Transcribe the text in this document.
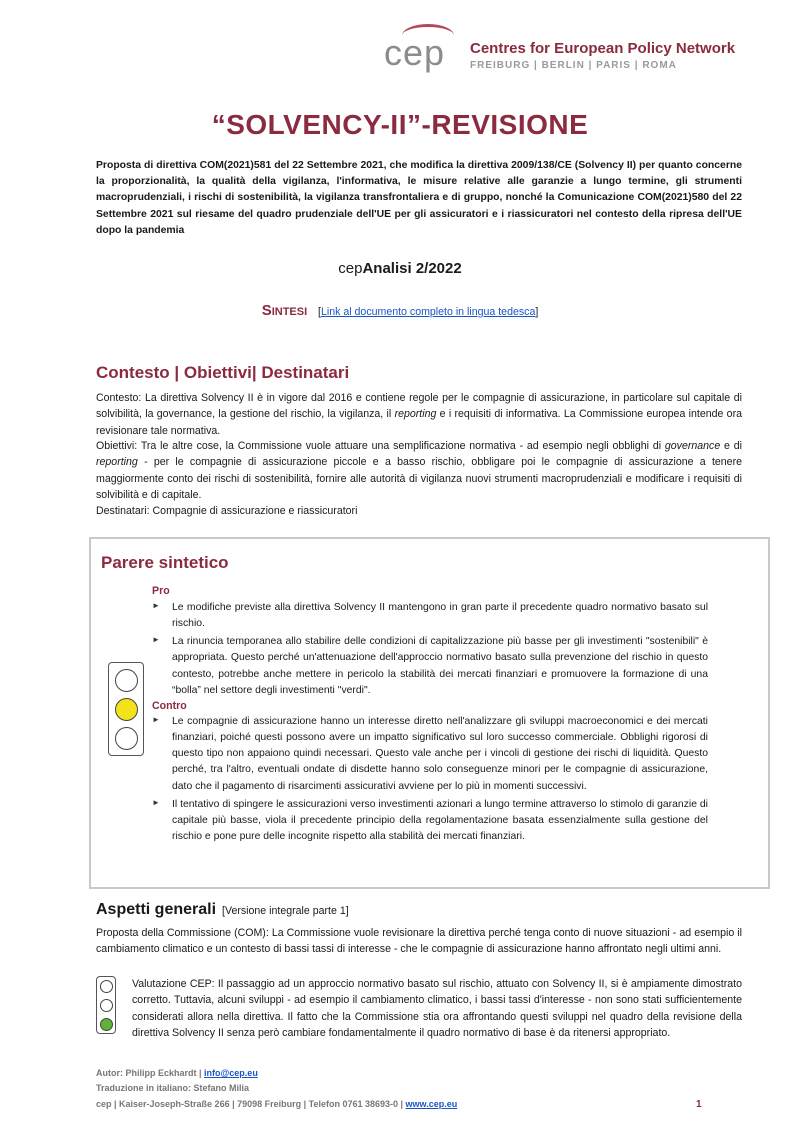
cep Centres for European Policy Network
FREIBURG | BERLIN | PARIS | ROMA
“SOLVENCY-II”-REVISIONE
Proposta di direttiva COM(2021)581 del 22 Settembre 2021, che modifica la direttiva 2009/138/CE (Solvency II) per quanto concerne la proporzionalità, la qualità della vigilanza, l'informativa, le misure relative alle garanzie a lungo termine, gli strumenti macroprudenziali, i rischi di sostenibilità, la vigilanza transfrontaliera e di gruppo, nonché la Comunicazione COM(2021)580 del 22 Settembre 2021 sul riesame del quadro prudenziale dell'UE per gli assicuratori e i riassicuratori nel contesto della ripresa dell'UE dopo la pandemia
cepAnalisi 2/2022
Sintesi [Link al documento completo in lingua tedesca]
Contesto | Obiettivi| Destinatari
Contesto: La direttiva Solvency II è in vigore dal 2016 e contiene regole per le compagnie di assicurazione, in particolare sul capitale di solvibilità, la governance, la gestione del rischio, la vigilanza, il reporting e i requisiti di informativa. La Commissione europea intende ora revisionare tale normativa.
Obiettivi: Tra le altre cose, la Commissione vuole attuare una semplificazione normativa - ad esempio negli obblighi di governance e di reporting - per le compagnie di assicurazione piccole e a basso rischio, obbligare poi le compagnie di assicurazione a tenere maggiormente conto dei rischi di sostenibilità, fornire alle autorità di vigilanza nuovi strumenti macroprudenziali e modificare i requisiti di solvibilità e di capitale.
Destinatari: Compagnie di assicurazione e riassicuratori
Parere sintetico
Pro
► Le modifiche previste alla direttiva Solvency II mantengono in gran parte il precedente quadro normativo basato sul rischio.
► La rinuncia temporanea allo stabilire delle condizioni di capitalizzazione più basse per gli investimenti "sostenibili" è appropriata. Questo perché un'attenuazione dell'approccio normativo basato sulla prevenzione del rischio in questo contesto, potrebbe anche mettere in pericolo la stabilità dei mercati finanziari e promuovere la formazione di una “bolla” nel settore degli investimenti "verdi".
Contro
► Le compagnie di assicurazione hanno un interesse diretto nell'analizzare gli sviluppi macroeconomici e dei mercati finanziari, poiché questi possono avere un impatto significativo sul loro successo commerciale. Obblighi rigorosi di questo tipo non appaiono quindi necessari. Questo vale anche per i vincoli di gestione dei rischi di liquidità. Questo perché, tra l'altro, eventuali ondate di disdette hanno solo conseguenze minori per le compagnie di assicurazione, dato che il pagamento di risarcimenti assicurativi avviene per lo più in momenti successivi.
► Il tentativo di spingere le assicurazioni verso investimenti azionari a lungo termine attraverso lo stimolo di garanzie di capitale più basse, viola il precedente principio della regolamentazione basata essenzialmente sulla gestione del rischio e pone pure delle incognite rispetto alla stabilità dei mercati finanziari.
Aspetti generali [Versione integrale parte 1]
Proposta della Commissione (COM): La Commissione vuole revisionare la direttiva perché tenga conto di nuove situazioni - ad esempio il cambiamento climatico e un contesto di bassi tassi di interesse - che le compagnie di assicurazione hanno affrontato negli ultimi anni.
Valutazione CEP: Il passaggio ad un approccio normativo basato sul rischio, attuato con Solvency II, si è ampiamente dimostrato corretto. Tuttavia, alcuni sviluppi - ad esempio il cambiamento climatico, i bassi tassi d'interesse - non sono stati sufficientemente considerati allora nella direttiva. Il fatto che la Commissione stia ora affrontando questi sviluppi nel quadro della revisione della direttiva Solvency II senza però cambiare fondamentalmente il quadro normativo di base è da ritenersi appropriato.
Autor: Philipp Eckhardt | info@cep.eu
Traduzione in italiano: Stefano Milia
cep | Kaiser-Joseph-Straße 266 | 79098 Freiburg | Telefon 0761 38693-0 | www.cep.eu	1
